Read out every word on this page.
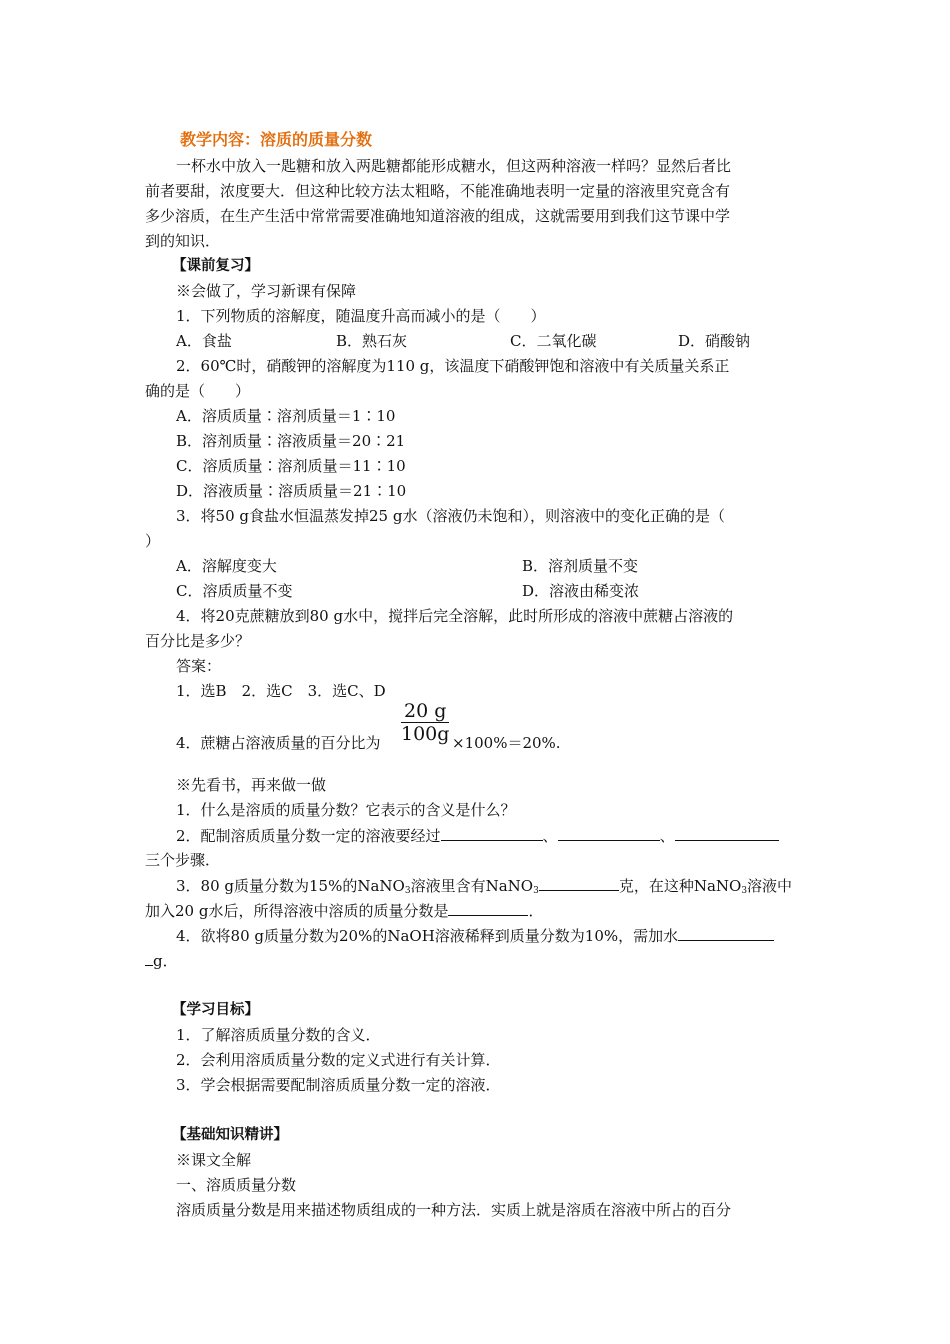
教学内容：溶质的质量分数
一杯水中放入一匙糖和放入两匙糖都能形成糖水，但这两种溶液一样吗？显然后者比
前者要甜，浓度要大．但这种比较方法太粗略，不能准确地表明一定量的溶液里究竟含有
多少溶质，在生产生活中常常需要准确地知道溶液的组成，这就需要用到我们这节课中学
到的知识．
【课前复习】
※会做了，学习新课有保障
1．下列物质的溶解度，随温度升高而减小的是（　　）
A．食盐	B．熟石灰	C．二氧化碳	D．硝酸钠
2．60℃时，硝酸钾的溶解度为110 g，该温度下硝酸钾饱和溶液中有关质量关系正
确的是（　　）
A．溶质质量∶溶剂质量＝1∶10
B．溶剂质量∶溶液质量＝20∶21
C．溶质质量∶溶剂质量＝11∶10
D．溶液质量∶溶质质量＝21∶10
3．将50 g食盐水恒温蒸发掉25 g水（溶液仍未饱和），则溶液中的变化正确的是（
）
A．溶解度变大	B．溶剂质量不变
C．溶质质量不变	D．溶液由稀变浓
4．将20克蔗糖放到80 g水中，搅拌后完全溶解，此时所形成的溶液中蔗糖占溶液的
百分比是多少？
答案：
1．选B　2．选C　3．选C、D
$\frac{20 g}{100g}$
4．蔗糖占溶液质量的百分比为	×100%＝20%.
※先看书，再来做一做
1．什么是溶质的质量分数？它表示的含义是什么？
2．配制溶质质量分数一定的溶液要经过	、	、
三个步骤．
3．80 g质量分数为15%的NaNO$_3$溶液里含有NaNO$_3$	克，在这种NaNO$_3$溶液中
加入20 g水后，所得溶液中溶质的质量分数是	．
4．欲将80 g质量分数为20%的NaOH溶液稀释到质量分数为10%，需加水
g．
【学习目标】
1．了解溶质质量分数的含义．
2．会利用溶质质量分数的定义式进行有关计算．
3．学会根据需要配制溶质质量分数一定的溶液．
【基础知识精讲】
※课文全解
一、溶质质量分数
溶质质量分数是用来描述物质组成的一种方法．实质上就是溶质在溶液中所占的百分
